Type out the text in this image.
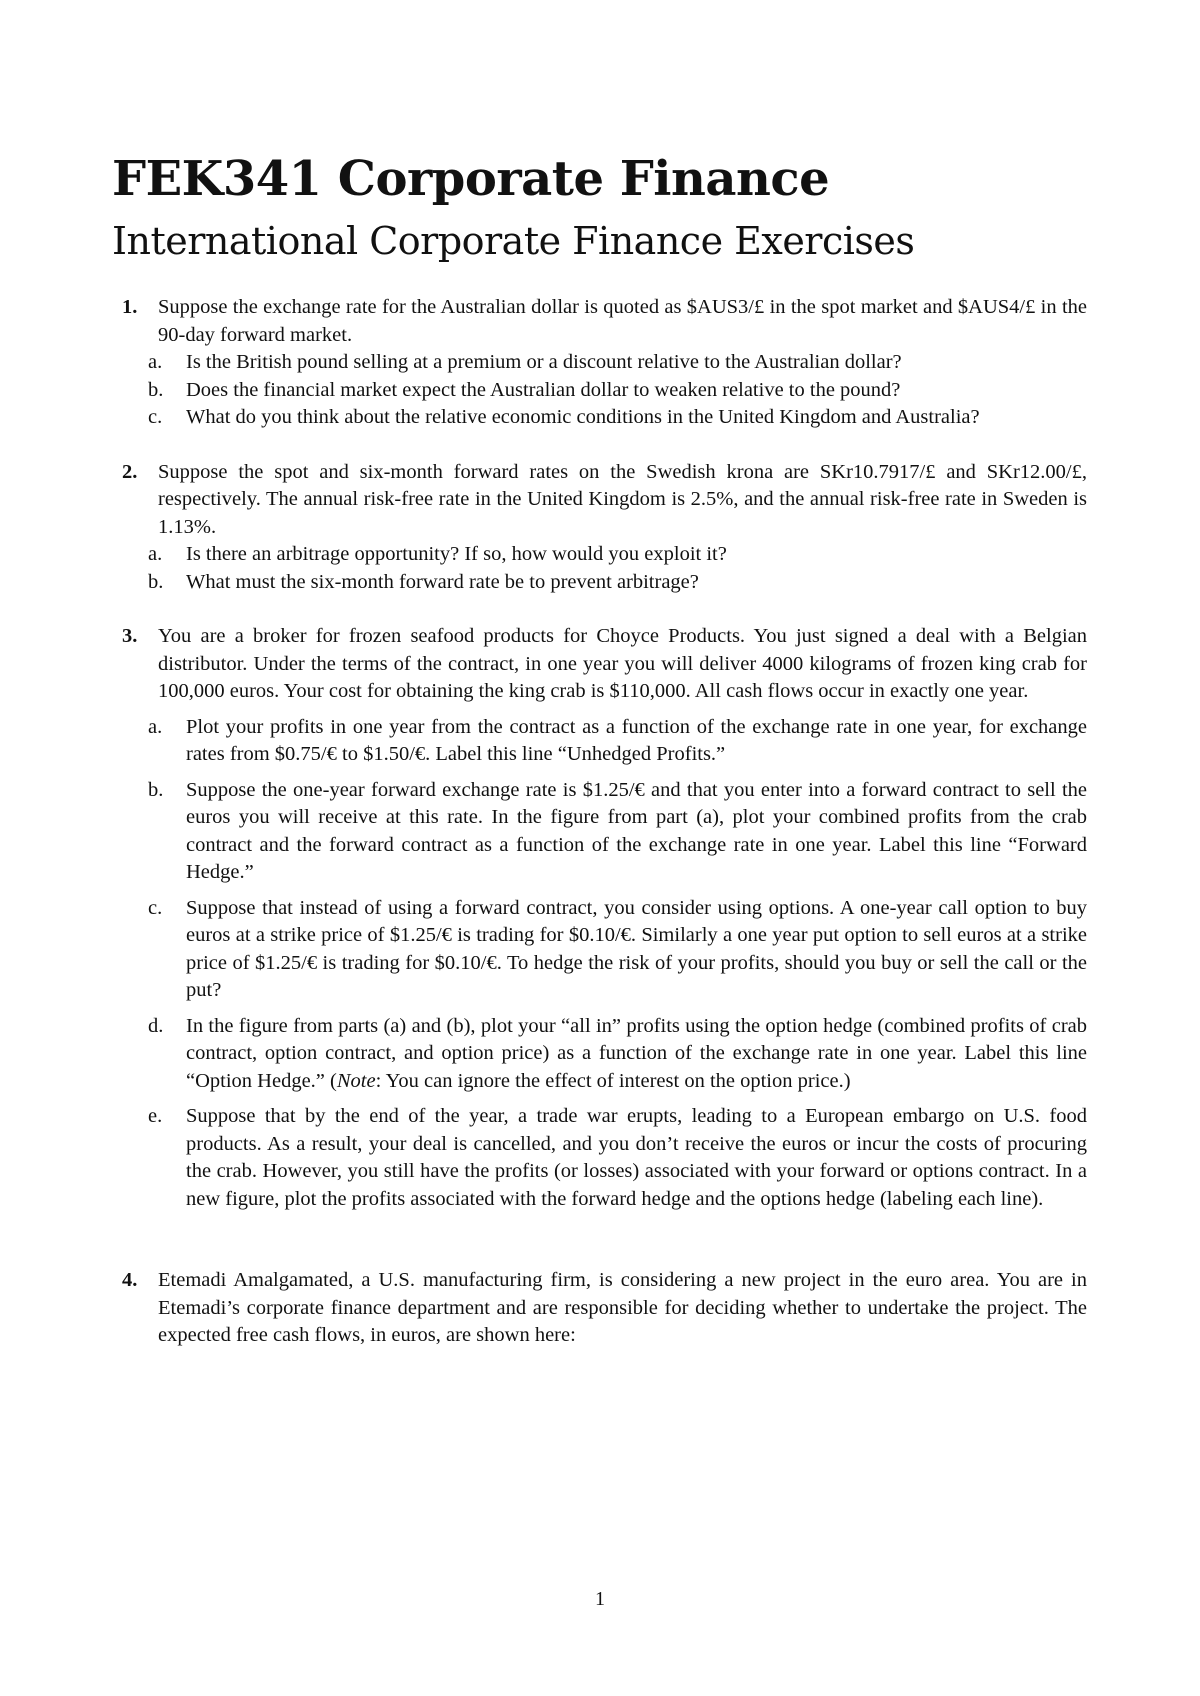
FEK341 Corporate Finance
International Corporate Finance Exercises
1. Suppose the exchange rate for the Australian dollar is quoted as $AUS3/£ in the spot market and $AUS4/£ in the 90-day forward market.
a. Is the British pound selling at a premium or a discount relative to the Australian dollar?
b. Does the financial market expect the Australian dollar to weaken relative to the pound?
c. What do you think about the relative economic conditions in the United Kingdom and Australia?
2. Suppose the spot and six-month forward rates on the Swedish krona are SKr10.7917/£ and SKr12.00/£, respectively. The annual risk-free rate in the United Kingdom is 2.5%, and the annual risk-free rate in Sweden is 1.13%.
a. Is there an arbitrage opportunity? If so, how would you exploit it?
b. What must the six-month forward rate be to prevent arbitrage?
3. You are a broker for frozen seafood products for Choyce Products. You just signed a deal with a Belgian distributor. Under the terms of the contract, in one year you will deliver 4000 kilograms of frozen king crab for 100,000 euros. Your cost for obtaining the king crab is $110,000. All cash flows occur in exactly one year.
a. Plot your profits in one year from the contract as a function of the exchange rate in one year, for exchange rates from $0.75/€ to $1.50/€. Label this line “Unhedged Profits.”
b. Suppose the one-year forward exchange rate is $1.25/€ and that you enter into a forward contract to sell the euros you will receive at this rate. In the figure from part (a), plot your combined profits from the crab contract and the forward contract as a function of the exchange rate in one year. Label this line “Forward Hedge.”
c. Suppose that instead of using a forward contract, you consider using options. A one-year call option to buy euros at a strike price of $1.25/€ is trading for $0.10/€. Similarly a one year put option to sell euros at a strike price of $1.25/€ is trading for $0.10/€. To hedge the risk of your profits, should you buy or sell the call or the put?
d. In the figure from parts (a) and (b), plot your “all in” profits using the option hedge (combined profits of crab contract, option contract, and option price) as a function of the exchange rate in one year. Label this line “Option Hedge.” (Note: You can ignore the effect of interest on the option price.)
e. Suppose that by the end of the year, a trade war erupts, leading to a European embargo on U.S. food products. As a result, your deal is cancelled, and you don’t receive the euros or incur the costs of procuring the crab. However, you still have the profits (or losses) associated with your forward or options contract. In a new figure, plot the profits associated with the forward hedge and the options hedge (labeling each line).
4. Etemadi Amalgamated, a U.S. manufacturing firm, is considering a new project in the euro area. You are in Etemadi’s corporate finance department and are responsible for deciding whether to undertake the project. The expected free cash flows, in euros, are shown here:
1
